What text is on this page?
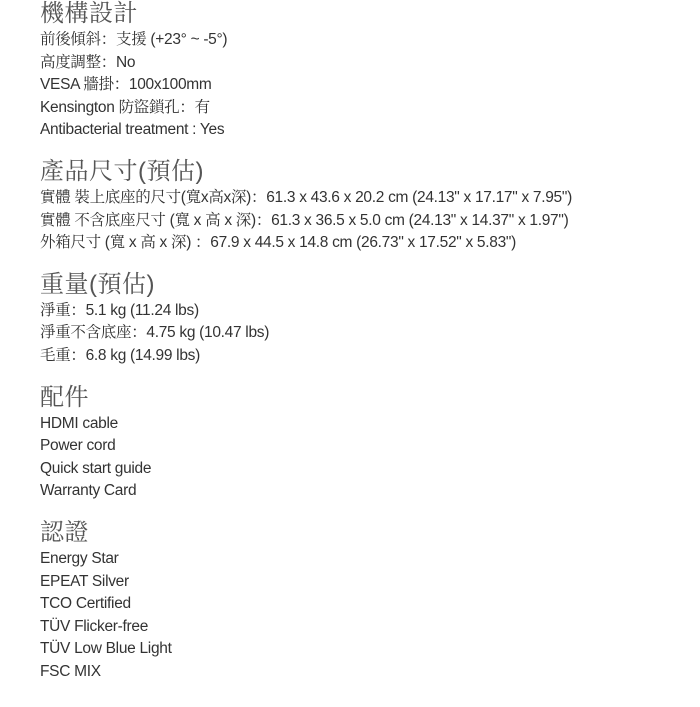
機構設計
前後傾斜：支援 (+23° ~ -5°)
高度調整：No
VESA 牆掛：100x100mm
Kensington 防盜鎖孔：有
Antibacterial treatment : Yes
產品尺寸(預估)
實體 裝上底座的尺寸(寬x高x深)：61.3 x 43.6 x 20.2 cm (24.13" x 17.17" x 7.95")
實體 不含底座尺寸 (寬 x 高 x 深)：61.3 x 36.5 x 5.0 cm (24.13" x 14.37" x 1.97")
外箱尺寸 (寬 x 高 x 深) ：67.9 x 44.5 x 14.8 cm (26.73" x 17.52" x 5.83")
重量(預估)
淨重：5.1 kg (11.24 lbs)
淨重不含底座：4.75 kg (10.47 lbs)
毛重：6.8 kg (14.99 lbs)
配件
HDMI cable
Power cord
Quick start guide
Warranty Card
認證
Energy Star
EPEAT Silver
TCO Certified
TÜV Flicker-free
TÜV Low Blue Light
FSC MIX
